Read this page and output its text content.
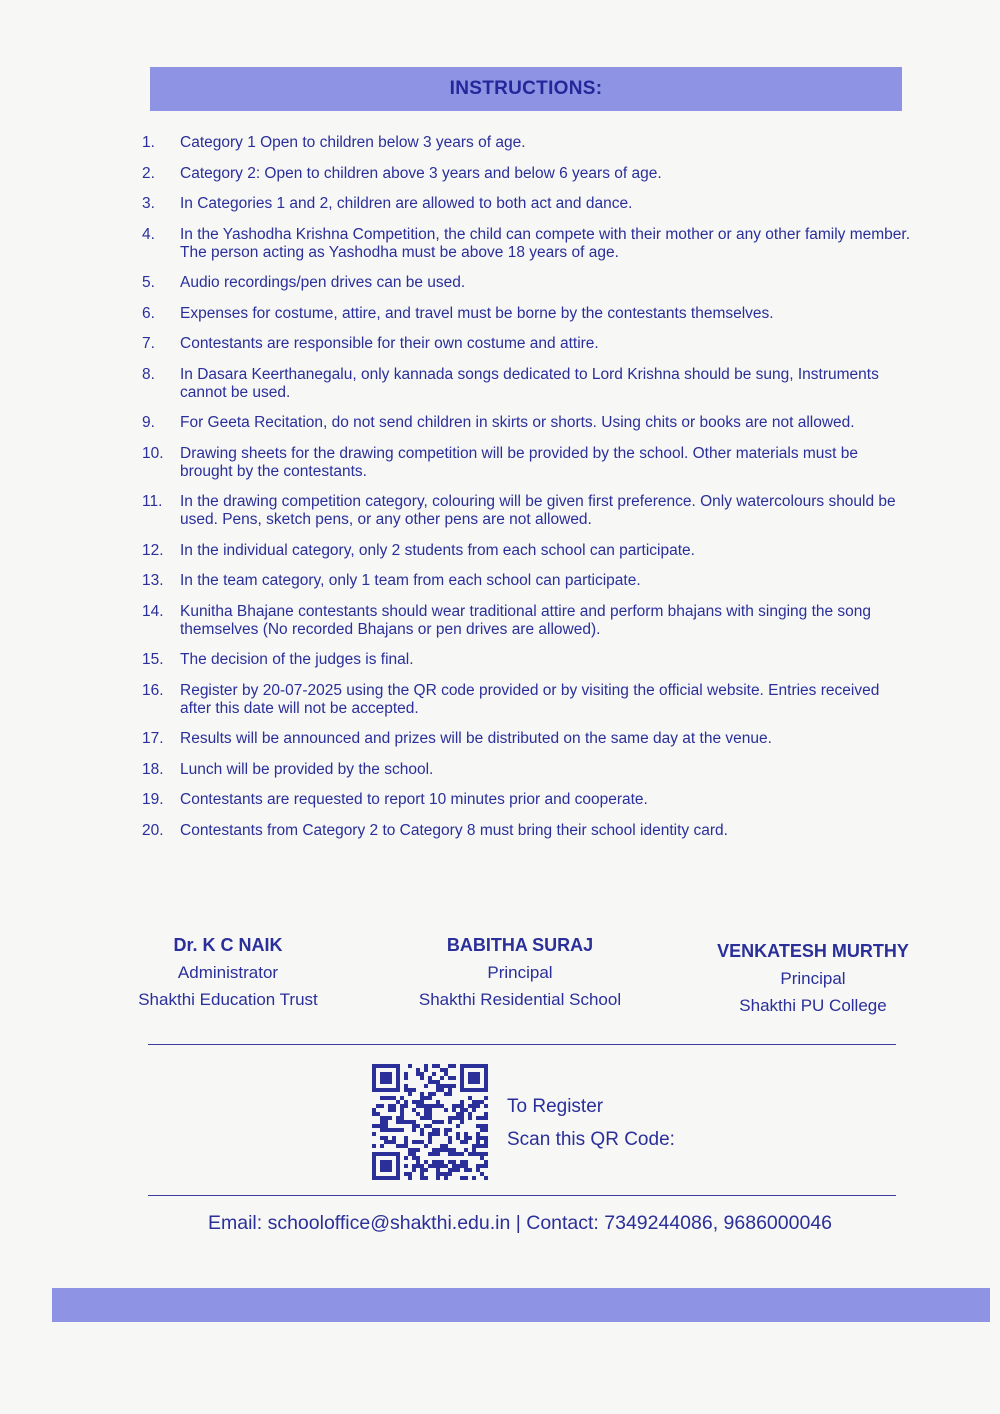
INSTRUCTIONS:
1.	Category 1 Open to children below 3 years of age.
2.	Category 2: Open to children above 3 years and below 6 years of age.
3.	In Categories 1 and 2, children are allowed to both act and dance.
4.	In the Yashodha Krishna Competition, the child can compete with their mother or any other family member. The person acting as Yashodha must be above 18 years of age.
5.	Audio recordings/pen drives can be used.
6.	Expenses for costume, attire, and travel must be borne by the contestants themselves.
7.	Contestants are responsible for their own costume and attire.
8.	In Dasara Keerthanegalu, only kannada songs dedicated to Lord Krishna should be sung, Instruments cannot be used.
9.	For Geeta Recitation, do not send children in skirts or shorts. Using chits or books are not allowed.
10.	Drawing sheets for the drawing competition will be provided by the school. Other materials must be brought by the contestants.
11.	In the drawing competition category, colouring will be given first preference. Only watercolours should be used. Pens, sketch pens, or any other pens are not allowed.
12.	In the individual category, only 2 students from each school can participate.
13.	In the team category, only 1 team from each school can participate.
14.	Kunitha Bhajane contestants should wear traditional attire and perform bhajans with singing the song themselves (No recorded Bhajans or pen drives are allowed).
15.	The decision of the judges is final.
16.	Register by 20-07-2025 using the QR code provided or by visiting the official website. Entries received after this date will not be accepted.
17.	Results will be announced and prizes will be distributed on the same day at the venue.
18.	Lunch will be provided by the school.
19.	Contestants are requested to report 10 minutes prior and cooperate.
20.	Contestants from Category 2 to Category 8 must bring their school identity card.
Dr. K C NAIK
Administrator
Shakthi Education Trust
BABITHA SURAJ
Principal
Shakthi Residential School
VENKATESH MURTHY
Principal
Shakthi PU College
To Register
Scan this QR Code:
Email: schooloffice@shakthi.edu.in | Contact: 7349244086, 9686000046
